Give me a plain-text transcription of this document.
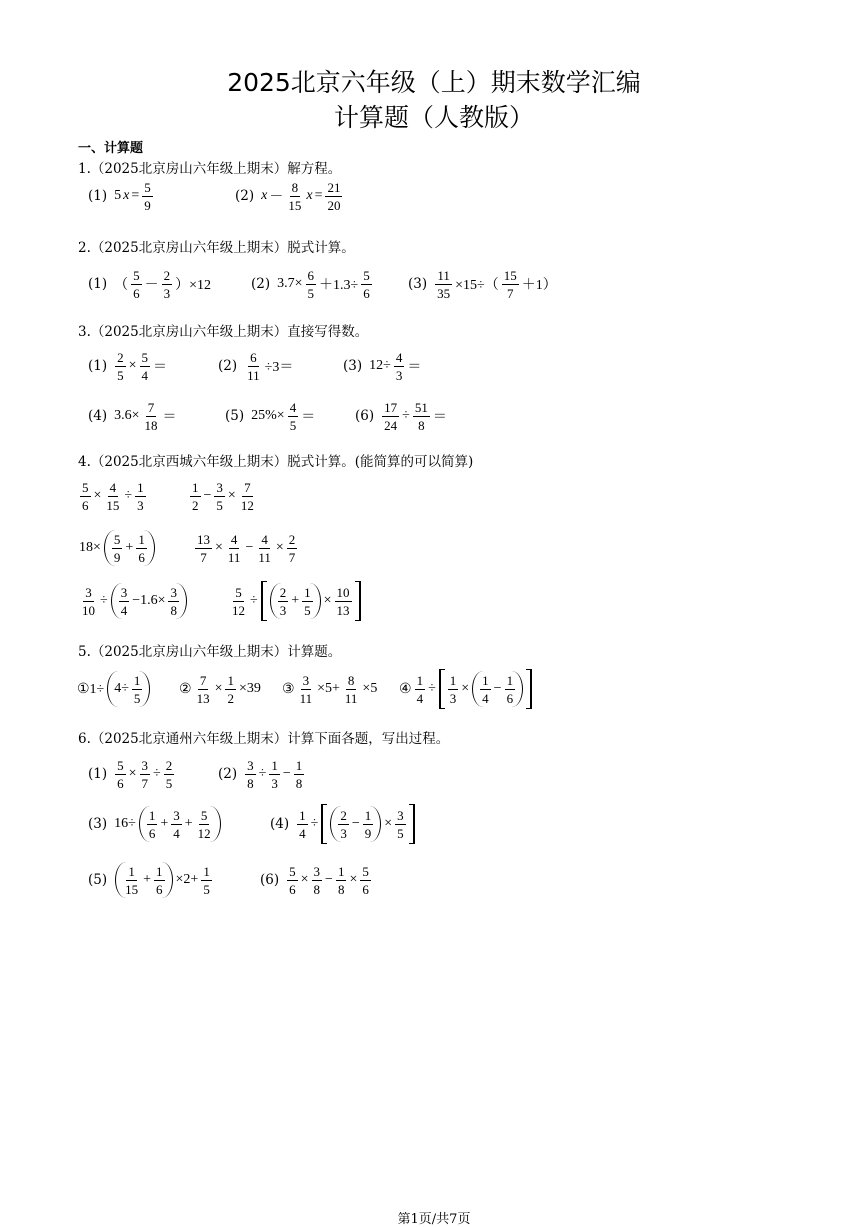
2025北京六年级（上）期末数学汇编
计算题（人教版）
一、计算题
1.（2025北京房山六年级上期末）解方程。
2.（2025北京房山六年级上期末）脱式计算。
3.（2025北京房山六年级上期末）直接写得数。
4.（2025北京西城六年级上期末）脱式计算。(能简算的可以简算)
5.（2025北京房山六年级上期末）计算题。
6.（2025北京通州六年级上期末）计算下面各题，写出过程。
(1) 5 $x = \frac{5}{9}$	(2) $x - \frac{8}{15}$ $x = \frac{21}{20}$
(1) （ $\frac{5}{6} - \frac{2}{3} )\times 12$	(2) $3.7\times \frac{6}{5} +1.3\div \frac{5}{6}$	$(3) \frac{11}{35} \times 15\div( \frac{15}{7} +1)$
$(1) \frac{2}{5} \times \frac{5}{4}$ ＝	$(2) \frac{6}{11} \div 3=$	(3) $12\div \frac{4}{3}$ ＝
(4) $3.6\times \frac{7}{18}$ ＝	(5) $25\%\times \frac{4}{5}$ ＝	$(6) \frac{17}{24} \div \frac{51}{8}$ ＝
$\frac{5}{6} \times \frac{4}{15} \div \frac{1}{3}$	$\frac{1}{2} - \frac{3}{5} \times \frac{7}{12}$
$18\times \frac{5}{9} + \frac{1}{6}$	$\frac{13}{7} \times \frac{4}{11} - \frac{4}{11} \times \frac{2}{7}$
$\frac{3}{10} \div \frac{3}{4} -1.6\times \frac{3}{8}$	$\frac{5}{12} \div \frac{2}{3} + \frac{1}{5} \times \frac{10}{13}$
①1÷ $4\div \frac{1}{5}$	② $\frac{7}{13} \times \frac{1}{2} \times 39$ ③ $\frac{3}{11} \times 5+ \frac{8}{11} \times 5$ ④ $\frac{1}{4} \div \frac{1}{3} \times \frac{1}{4} - \frac{1}{6}$
$(1) \frac{5}{6} \times \frac{3}{7} \div \frac{2}{5}$	$(2) \frac{3}{8} \div \frac{1}{3} - \frac{1}{8}$
(3) $16\div \frac{1}{6} + \frac{3}{4} + \frac{5}{12}$	$(4) \frac{1}{4} \div \frac{2}{3} - \frac{1}{9} \times \frac{3}{5}$
$(5) \frac{1}{15} + \frac{1}{6} \times 2+ \frac{1}{5}$	$(6) \frac{5}{6} \times \frac{3}{8} - \frac{1}{8} \times \frac{5}{6}$
第1页/共7页
